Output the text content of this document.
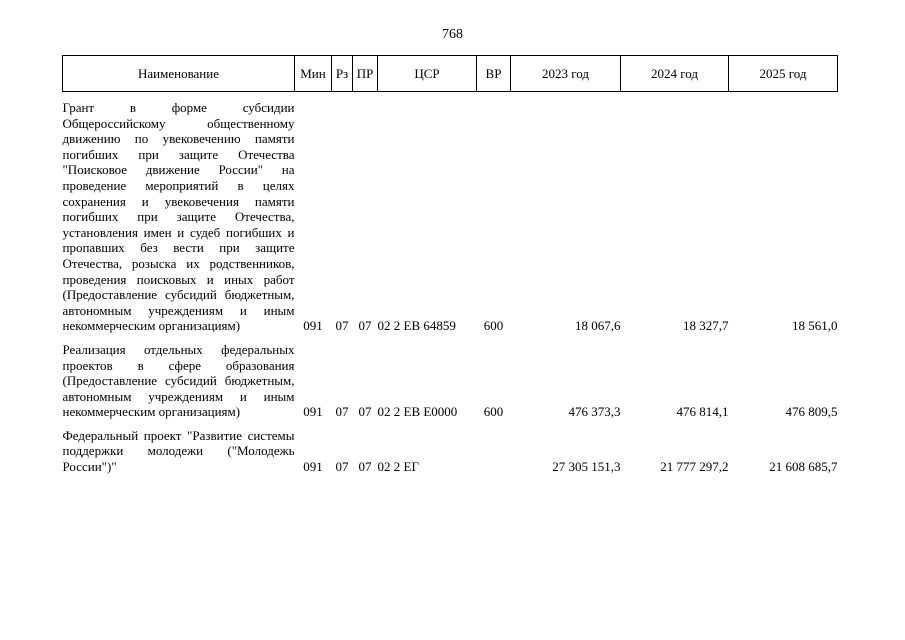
768
Наименование	Мин	Рз	ПР	ЦСР	ВР	2023 год	2024 год	2025 год

Грант в форме субсидии Общероссийскому общественному движению по увековечению памяти погибших при защите Отечества "Поисковое движение России" на проведение мероприятий в целях сохранения и увековечения памяти погибших при защите Отечества, установления имен и судеб погибших и пропавших без вести при защите Отечества, розыска их родственников, проведения поисковых и иных работ (Предоставление субсидий бюджетным, автономным учреждениям и иным некоммерческим организациям)	091	07	07	02 2 EB 64859	600	18 067,6	18 327,7	18 561,0

Реализация отдельных федеральных проектов в сфере образования (Предоставление субсидий бюджетным, автономным учреждениям и иным некоммерческим организациям)	091	07	07	02 2 EB E0000	600	476 373,3	476 814,1	476 809,5

Федеральный проект "Развитие системы поддержки молодежи ("Молодежь России")"	091	07	07	02 2 EГ		27 305 151,3	21 777 297,2	21 608 685,7
